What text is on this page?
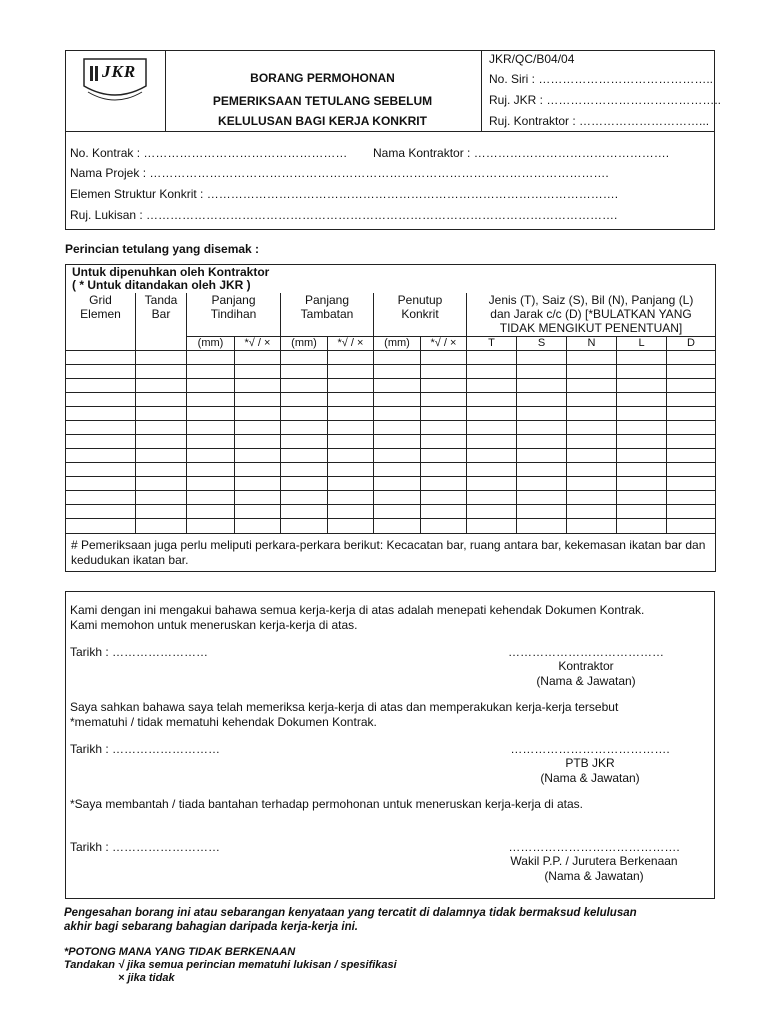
JKR	BORANG PERMOHONAN
PEMERIKSAAN TETULANG SEBELUM
KELULUSAN BAGI KERJA KONKRIT
JKR/QC/B04/04
No. Siri : ……………………………………..
Ruj. JKR : ……………………………………..
Ruj. Kontraktor : …………………………...
No. Kontrak : …………………………………………… Nama Kontraktor : ………………………………………….
Nama Projek : …………………………………………………………………………………………………….
Elemen Struktur Konkrit : ………………………………………………………………………………………….
Ruj. Lukisan : ……………………………………………………………………………………………………….
Perincian tetulang yang disemak :
Untuk dipenuhkan oleh Kontraktor
( * Untuk ditandakan oleh JKR )												

Grid Elemen	Tanda Bar	Panjang Tindihan		Panjang Tambatan		Penutup Konkrit		Jenis (T), Saiz (S), Bil (N), Panjang (L) dan Jarak c/c (D) [*BULATKAN YANG TIDAK MENGIKUT PENENTUAN]				

		(mm)	*√ / ×	(mm)	*√ / ×	(mm)	*√ / ×	T	S	N	L	D

# Pemeriksaan juga perlu meliputi perkara-perkara berikut: Kecacatan bar, ruang antara bar, kekemasan ikatan bar dan kedudukan ikatan bar.												
Kami dengan ini mengakui bahawa semua kerja-kerja di atas adalah menepati kehendak Dokumen Kontrak.
Kami memohon untuk meneruskan kerja-kerja di atas.
Tarikh : ……………………	…………………………………
Kontraktor
(Nama & Jawatan)
Saya sahkan bahawa saya telah memeriksa kerja-kerja di atas dan memperakukan kerja-kerja tersebut
*mematuhi / tidak mematuhi kehendak Dokumen Kontrak.
Tarikh : ………………………	………………………………….
PTB JKR
(Nama & Jawatan)
*Saya membantah / tiada bantahan terhadap permohonan untuk meneruskan kerja-kerja di atas.
Tarikh : ………………………	…………………………………….
Wakil P.P. / Jurutera Berkenaan
(Nama & Jawatan)
Pengesahan borang ini atau sebarangan kenyataan yang tercatit di dalamnya tidak bermaksud kelulusan
akhir bagi sebarang bahagian daripada kerja-kerja ini.
*POTONG MANA YANG TIDAK BERKENAAN
Tandakan √ jika semua perincian mematuhi lukisan / spesifikasi
× jika tidak
